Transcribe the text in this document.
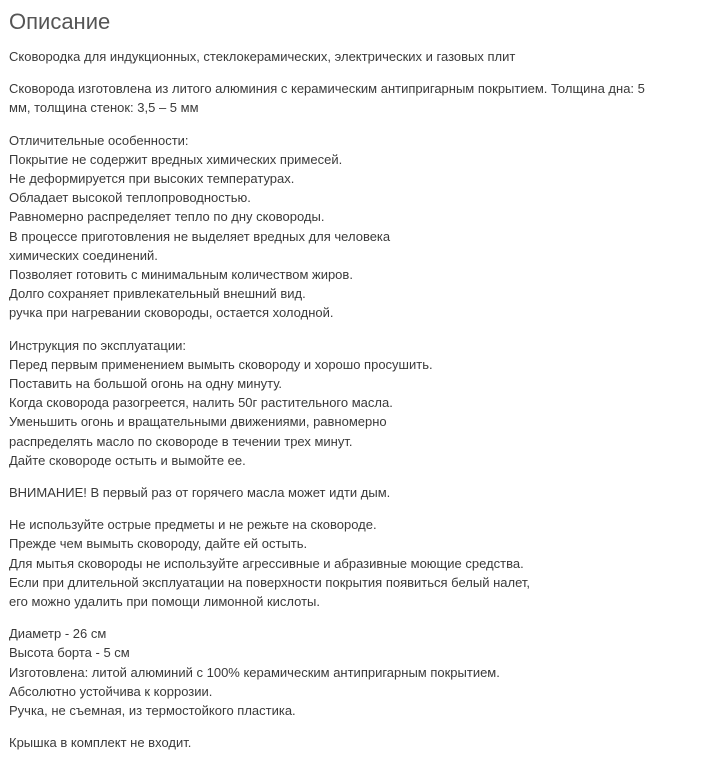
Описание
Сковородка для индукционных, стеклокерамических, электрических и газовых плит
Сковорода изготовлена из литого алюминия с керамическим антипригарным покрытием. Толщина дна: 5
мм, толщина стенок: 3,5 – 5 мм
Отличительные особенности:
Покрытие не содержит вредных химических примесей.
Не деформируется при высоких температурах.
Обладает высокой теплопроводностью.
Равномерно распределяет тепло по дну сковороды.
В процессе приготовления не выделяет вредных для человека
химических соединений.
Позволяет готовить с минимальным количеством жиров.
Долго сохраняет привлекательный внешний вид.
ручка при нагревании сковороды, остается холодной.
Инструкция по эксплуатации:
Перед первым применением вымыть сковороду и хорошо просушить.
Поставить на большой огонь на одну минуту.
Когда сковорода разогреется, налить 50г растительного масла.
Уменьшить огонь и вращательными движениями, равномерно
распределять масло по сковороде в течении трех минут.
Дайте сковороде остыть и вымойте ее.
ВНИМАНИЕ! В первый раз от горячего масла может идти дым.
Не используйте острые предметы и не режьте на сковороде.
Прежде чем вымыть сковороду, дайте ей остыть.
Для мытья сковороды не используйте агрессивные и абразивные моющие средства.
Если при длительной эксплуатации на поверхности покрытия появиться белый налет,
его можно удалить при помощи лимонной кислоты.
Диаметр - 26 см
Высота борта - 5 см
Изготовлена: литой алюминий с 100% керамическим антипригарным покрытием.
Абсолютно устойчива к коррозии.
Ручка, не съемная, из термостойкого пластика.
Крышка в комплект не входит.
